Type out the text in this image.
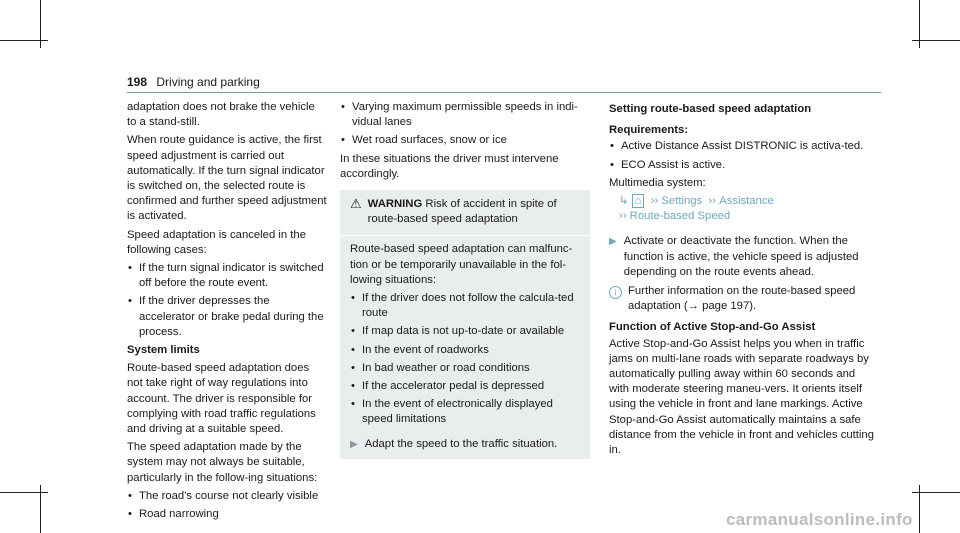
198 Driving and parking

adaptation does not brake the vehicle to a stand-still.

When route guidance is active, the first speed adjustment is carried out automatically. If the turn signal indicator is switched on, the selected route is confirmed and further speed adjustment is activated.

Speed adaptation is canceled in the following cases:

• If the turn signal indicator is switched off before the route event.
• If the driver depresses the accelerator or brake pedal during the process.

System limits

Route-based speed adaptation does not take right of way regulations into account. The driver is responsible for complying with road traffic regulations and driving at a suitable speed.

The speed adaptation made by the system may not always be suitable, particularly in the follow-ing situations:

• The road's course not clearly visible
• Road narrowing
• Varying maximum permissible speeds in indi-vidual lanes
• Wet road surfaces, snow or ice

In these situations the driver must intervene accordingly.

⚠ WARNING Risk of accident in spite of route-based speed adaptation

Route-based speed adaptation can malfunc-tion or be temporarily unavailable in the fol-lowing situations:

• If the driver does not follow the calcula-ted route
• If map data is not up-to-date or available
• In the event of roadworks
• In bad weather or road conditions
• If the accelerator pedal is depressed
• In the event of electronically displayed speed limitations
▶ Adapt the speed to the traffic situation.

Setting route-based speed adaptation

Requirements:

• Active Distance Assist DISTRONIC is activa-ted.
• ECO Assist is active.

Multimedia system:

↳ ⌂  ›› Settings  ›› Assistance
›› Route-based Speed
▶ Activate or deactivate the function. When the function is active, the vehicle speed is adjusted depending on the route events ahead.
i	Further information on the route-based speed adaptation (→ page 197).

Function of Active Stop-and-Go Assist

Active Stop-and-Go Assist helps you when in traffic jams on multi-lane roads with separate roadways by automatically pulling away within 60 seconds and with moderate steering maneu-vers. It orients itself using the vehicle in front and lane markings. Active Stop-and-Go Assist automatically maintains a safe distance from the vehicle in front and vehicles cutting in.

carmanualsonline.info
